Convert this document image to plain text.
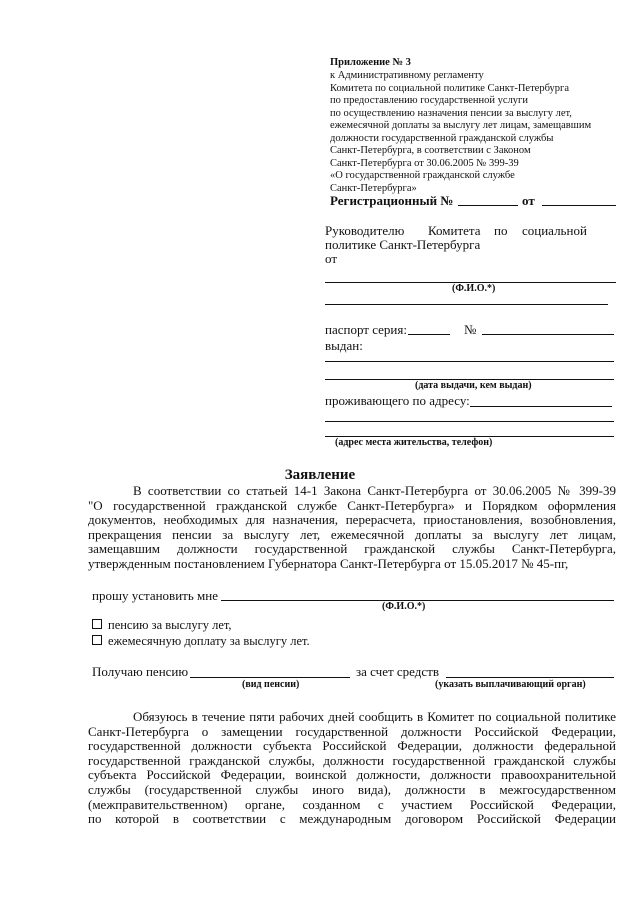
Приложение № 3
к Административному регламенту
Комитета по социальной политике Санкт-Петербурга
по предоставлению государственной услуги
по осуществлению назначения пенсии за выслугу лет,
ежемесячной доплаты за выслугу лет лицам, замещавшим
должности государственной гражданской службы
Санкт-Петербурга, в соответствии с Законом
Санкт-Петербурга от 30.06.2005 № 399-39
«О государственной гражданской службе
Санкт-Петербурга»
Регистрационный №	от
Руководителю Комитета по социальной
политике Санкт-Петербурга
от
(Ф.И.О.*)
паспорт серия:	№
выдан:
(дата выдачи, кем выдан)
проживающего по адресу:
(адрес места жительства, телефон)
Заявление
В соответствии со статьей 14-1 Закона Санкт-Петербурга от 30.06.2005 № 399-39
"О государственной гражданской службе Санкт-Петербурга» и Порядком оформления
документов, необходимых для назначения, перерасчета, приостановления, возобновления,
прекращения пенсии за выслугу лет, ежемесячной доплаты за выслугу лет лицам,
замещавшим должности государственной гражданской службы Санкт-Петербурга,
утвержденным постановлением Губернатора Санкт-Петербурга от 15.05.2017 № 45-пг,
прошу установить мне
(Ф.И.О.*)
пенсию за выслугу лет,
ежемесячную доплату за выслугу лет.
Получаю пенсию	за счет средств
(вид пенсии)	(указать выплачивающий орган)
Обязуюсь в течение пяти рабочих дней сообщить в Комитет по социальной политике
Санкт-Петербурга о замещении государственной должности Российской Федерации,
государственной должности субъекта Российской Федерации, должности федеральной
государственной гражданской службы, должности государственной гражданской службы
субъекта Российской Федерации, воинской должности, должности правоохранительной
службы (государственной службы иного вида), должности в межгосударственном
(межправительственном) органе, созданном с участием Российской Федерации,
по которой в соответствии с международным договором Российской Федерации
